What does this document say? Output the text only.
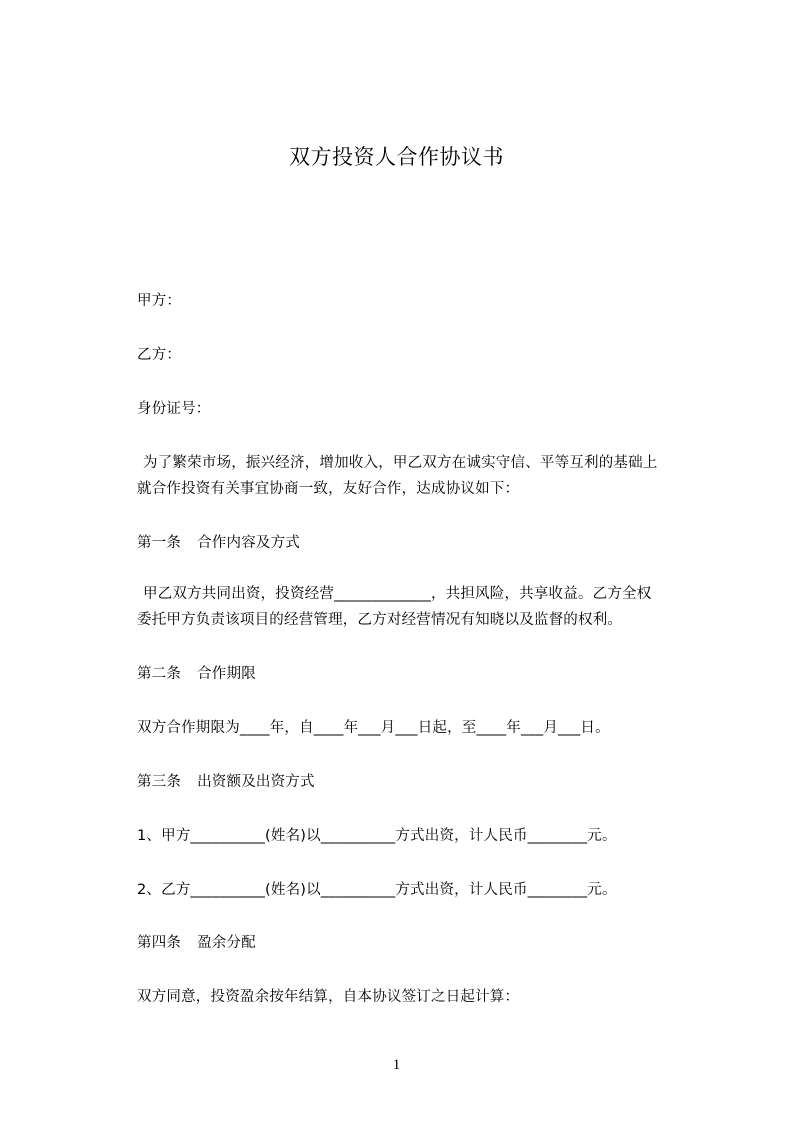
双方投资人合作协议书
甲方：
乙方：
身份证号：
为了繁荣市场，振兴经济，增加收入，甲乙双方在诚实守信、平等互利的基础上
就合作投资有关事宜协商一致，友好合作，达成协议如下：
第一条 合作内容及方式
甲乙双方共同出资，投资经营_____________，共担风险，共享收益。乙方全权
委托甲方负责该项目的经营管理，乙方对经营情况有知晓以及监督的权利。
第二条 合作期限
双方合作期限为____年，自____年___月___日起，至____年___月___日。
第三条 出资额及出资方式
1、甲方__________(姓名)以__________方式出资，计人民币________元。
2、乙方__________(姓名)以__________方式出资，计人民币________元。
第四条 盈余分配
双方同意，投资盈余按年结算，自本协议签订之日起计算：
1
